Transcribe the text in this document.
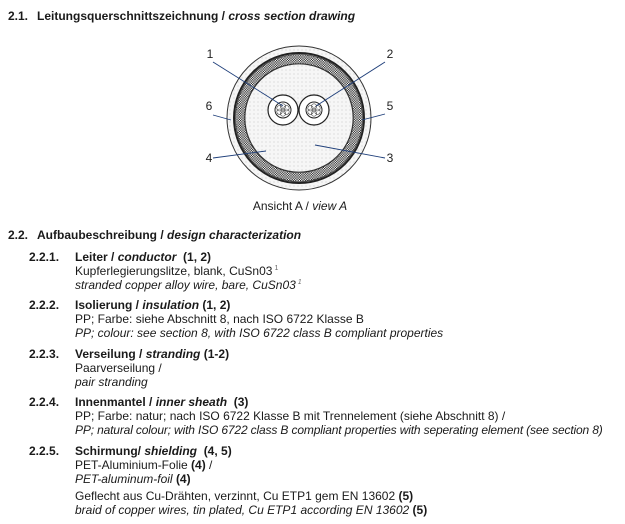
2.1. Leitungsquerschnittszeichnung / cross section drawing
1	2
3
4
5
6
Ansicht A / view A
2.2. Aufbaubeschreibung / design characterization
2.2.1. Leiter / conductor (1, 2)
Kupferlegierungslitze, blank, CuSn03 $^1$
stranded copper alloy wire, bare, CuSn03 $^1$
2.2.2. Isolierung / insulation (1, 2)
PP; Farbe: siehe Abschnitt 8, nach ISO 6722 Klasse B
PP; colour: see section 8, with ISO 6722 class B compliant properties
2.2.3. Verseilung / stranding (1-2)
Paarverseilung /
pair stranding
2.2.4. Innenmantel / inner sheath (3)
PP; Farbe: natur; nach ISO 6722 Klasse B mit Trennelement (siehe Abschnitt 8) /
PP; natural colour; with ISO 6722 class B compliant properties with seperating element (see section 8)
2.2.5. Schirmung/ shielding (4, 5)
PET-Aluminium-Folie (4) /
PET-aluminum-foil (4)
Geflecht aus Cu-Drähten, verzinnt, Cu ETP1 gem EN 13602 (5)
braid of copper wires, tin plated, Cu ETP1 according EN 13602 (5)
